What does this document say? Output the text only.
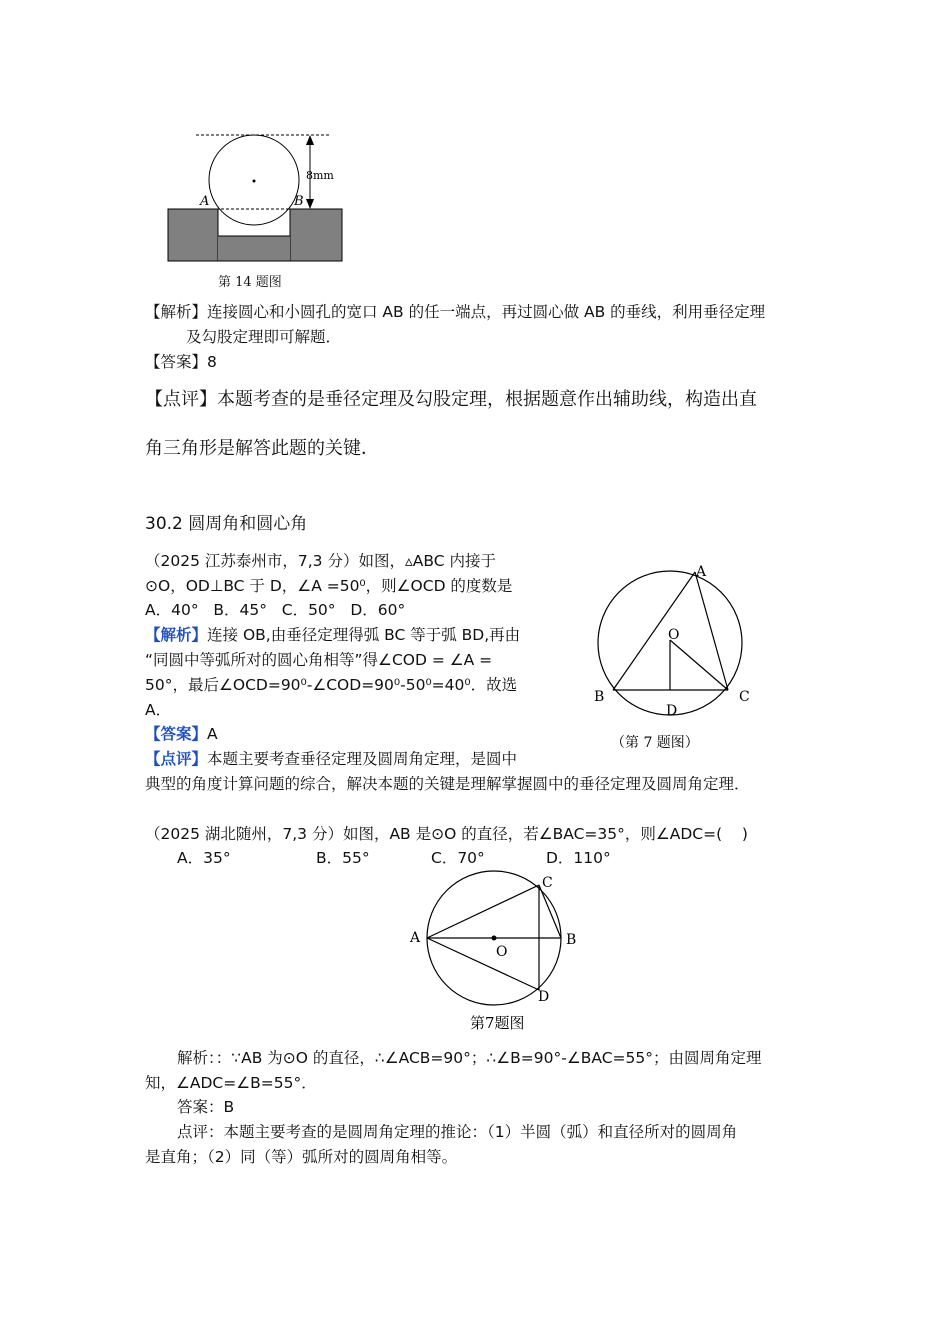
8mm
A	B
第 14 题图
【解析】连接圆心和小圆孔的宽口 AB 的任一端点，再过圆心做 AB 的垂线，利用垂径定理
及勾股定理即可解题．
【答案】8
【点评】本题考查的是垂径定理及勾股定理，根据题意作出辅助线，构造出直
角三角形是解答此题的关键．
30.2 圆周角和圆心角
（2025 江苏泰州市，7,3 分）如图，▵ABC 内接于
⊙O，OD⊥BC 于 D，∠A =50⁰，则∠OCD 的度数是
A．40°   B．45°   C．50°   D．60°
【解析】连接 OB,由垂径定理得弧 BC 等于弧 BD,再由
“同圆中等弧所对的圆心角相等”得∠COD = ∠A =
50°，最后∠OCD=90⁰-∠COD=90⁰-50⁰=40⁰．故选
A．
【答案】A
【点评】本题主要考查垂径定理及圆周角定理，是圆中
典型的角度计算问题的综合，解决本题的关键是理解掌握圆中的垂径定理及圆周角定理．
A
B	C
D
O
（第 7 题图）
（2025 湖北随州，7,3 分）如图，AB 是⊙O 的直径，若∠BAC=35°，则∠ADC=(    )
A．35°	B．55°	C．70°	D．110°
A	B
C
D
O
第7题图
解析：：∵AB 为⊙O 的直径，∴∠ACB=90°；∴∠B=90°-∠BAC=55°；由圆周角定理
知，∠ADC=∠B=55°．
答案：B
点评：本题主要考查的是圆周角定理的推论：（1）半圆（弧）和直径所对的圆周角
是直角；（2）同（等）弧所对的圆周角相等。
